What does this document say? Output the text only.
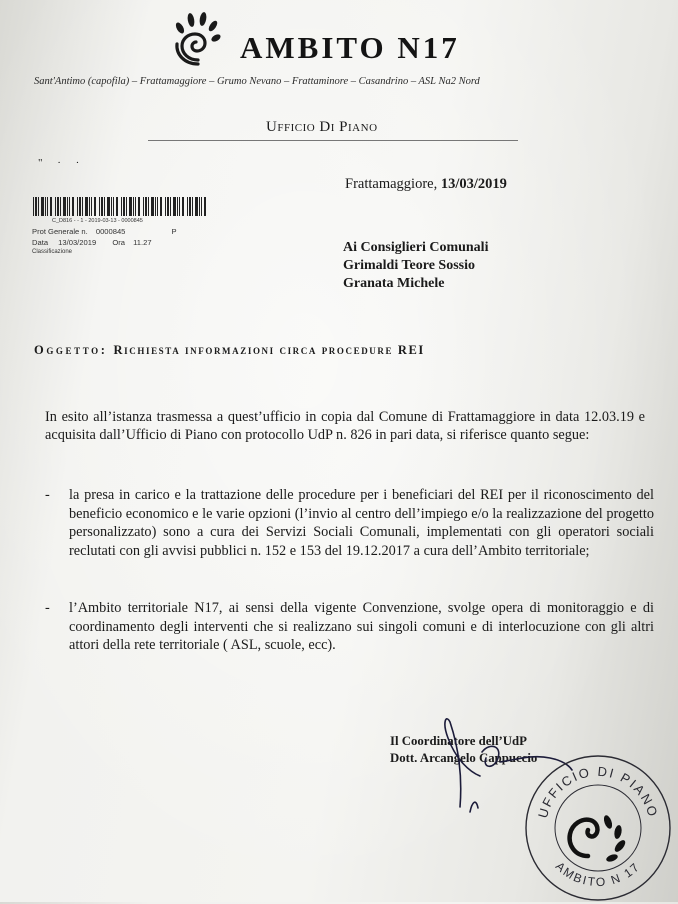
AMBITO N17
Sant'Antimo (capofila) – Frattamaggiore – Grumo Nevano – Frattaminore – Casandrino – ASL Na2 Nord
Ufficio Di Piano
" · ·
Frattamaggiore, 13/03/2019
C_D816 - - 1 - 2019-03-13 - 0000845
Prot Generale n. 0000845	P
Data 13/03/2019 Ora 11.27
Classificazione	Ai Consiglieri Comunali
Grimaldi Teore Sossio
Granata Michele
Oggetto: Richiesta informazioni circa procedure REI
In esito all’istanza trasmessa a quest’ufficio in copia dal Comune di Frattamaggiore in data 12.03.19 e acquisita dall’Ufficio di Piano con protocollo UdP n. 826 in pari data, si riferisce quanto segue:
- la presa in carico e la trattazione delle procedure per i beneficiari del REI per il riconoscimento del beneficio economico e le varie opzioni (l’invio al centro dell’impiego e/o la realizzazione del progetto personalizzato) sono a cura dei Servizi Sociali Comunali, implementati con gli operatori sociali reclutati con gli avvisi pubblici n. 152 e 153 del 19.12.2017 a cura dell’Ambito territoriale;
- l’Ambito territoriale N17, ai sensi della vigente Convenzione, svolge opera di monitoraggio e di coordinamento degli interventi che si realizzano sui singoli comuni e di interlocuzione con gli altri attori della rete territoriale ( ASL, scuole, ecc).
Il Coordinatore dell’UdP
Dott. Arcangelo Cappuccio
UFFICIO DI PIANO
AMBITO N 17
